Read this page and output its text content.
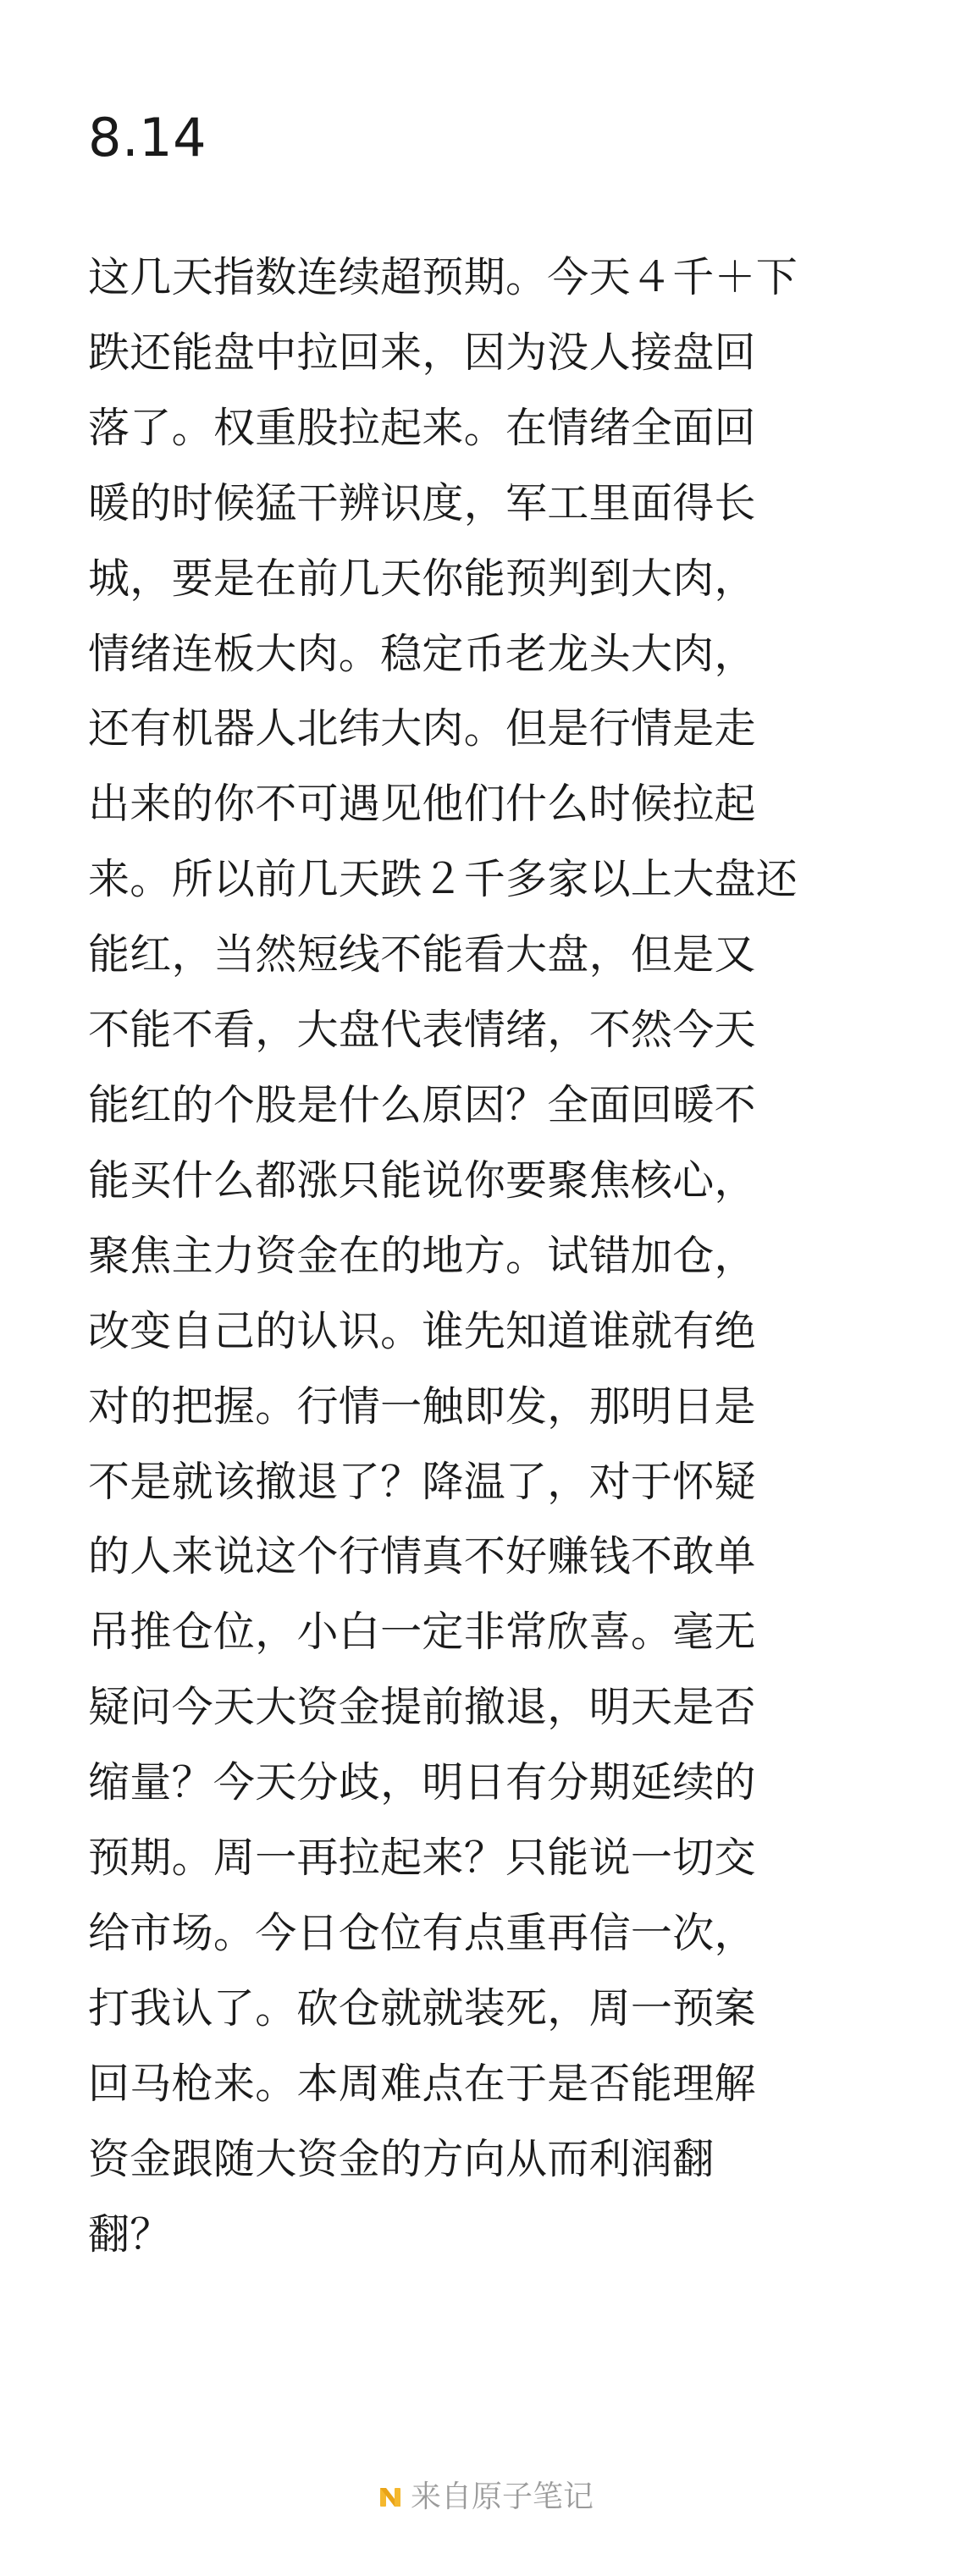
8.14
这几天指数连续超预期。今天４千＋下
跌还能盘中拉回来，因为没人接盘回
落了。权重股拉起来。在情绪全面回
暖的时候猛干辨识度，军工里面得长
城，要是在前几天你能预判到大肉，
情绪连板大肉。稳定币老龙头大肉，
还有机器人北纬大肉。但是行情是走
出来的你不可遇见他们什么时候拉起
来。所以前几天跌２千多家以上大盘还
能红，当然短线不能看大盘，但是又
不能不看，大盘代表情绪，不然今天
能红的个股是什么原因？全面回暖不
能买什么都涨只能说你要聚焦核心，
聚焦主力资金在的地方。试错加仓，
改变自己的认识。谁先知道谁就有绝
对的把握。行情一触即发，那明日是
不是就该撤退了？降温了，对于怀疑
的人来说这个行情真不好赚钱不敢单
吊推仓位，小白一定非常欣喜。毫无
疑问今天大资金提前撤退，明天是否
缩量？今天分歧，明日有分期延续的
预期。周一再拉起来？只能说一切交
给市场。今日仓位有点重再信一次，
打我认了。砍仓就就装死，周一预案
回马枪来。本周难点在于是否能理解
资金跟随大资金的方向从而利润翻
翻？
来自原子笔记
